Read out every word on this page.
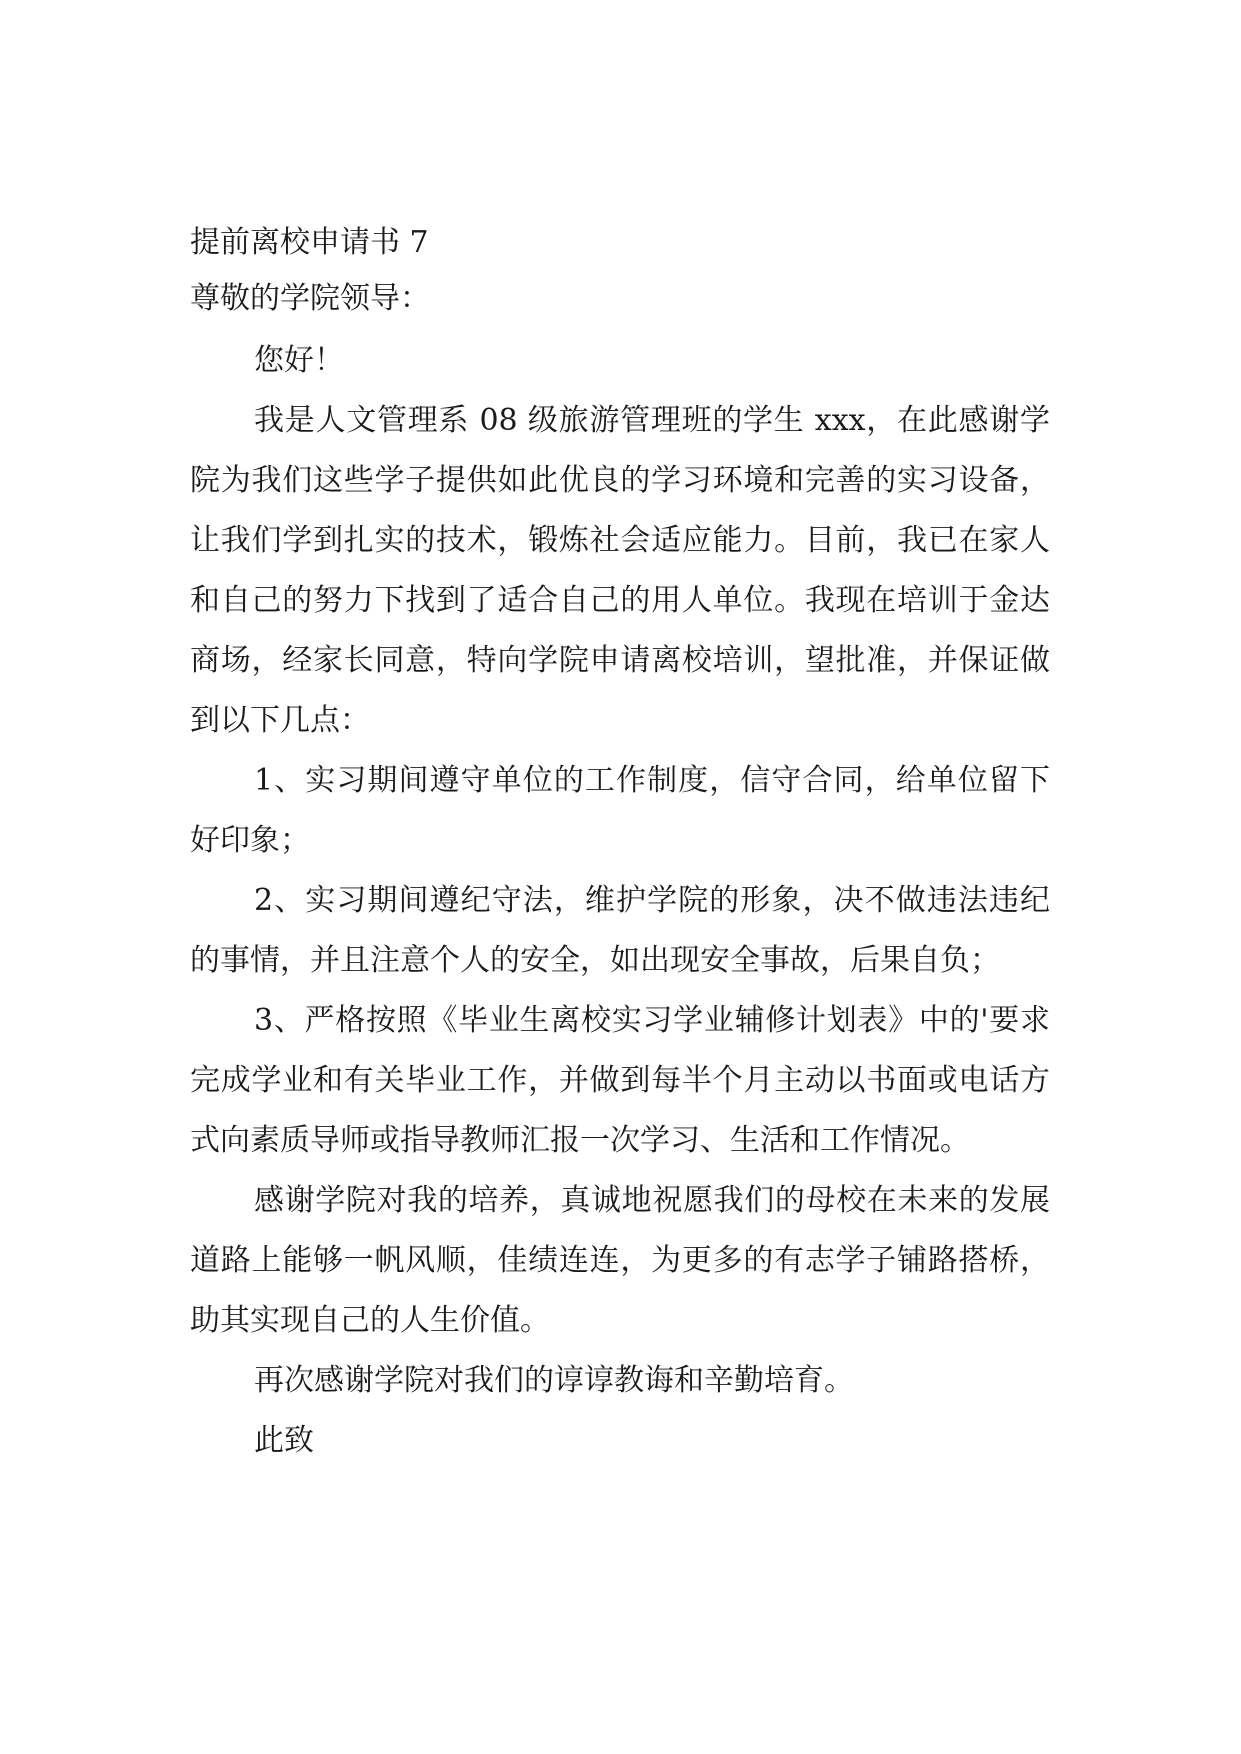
提前离校申请书 7

尊敬的学院领导：

您好！

我是人文管理系 08 级旅游管理班的学生 xxx，在此感谢学院为我们这些学子提供如此优良的学习环境和完善的实习设备，让我们学到扎实的技术，锻炼社会适应能力。目前，我已在家人和自己的努力下找到了适合自己的用人单位。我现在培训于金达商场，经家长同意，特向学院申请离校培训，望批准，并保证做到以下几点：

1、实习期间遵守单位的工作制度，信守合同，给单位留下好印象；

2、实习期间遵纪守法，维护学院的形象，决不做违法违纪的事情，并且注意个人的安全，如出现安全事故，后果自负；

3、严格按照《毕业生离校实习学业辅修计划表》中的'要求完成学业和有关毕业工作，并做到每半个月主动以书面或电话方式向素质导师或指导教师汇报一次学习、生活和工作情况。

感谢学院对我的培养，真诚地祝愿我们的母校在未来的发展道路上能够一帆风顺，佳绩连连，为更多的有志学子铺路搭桥，助其实现自己的人生价值。

再次感谢学院对我们的谆谆教诲和辛勤培育。

此致
